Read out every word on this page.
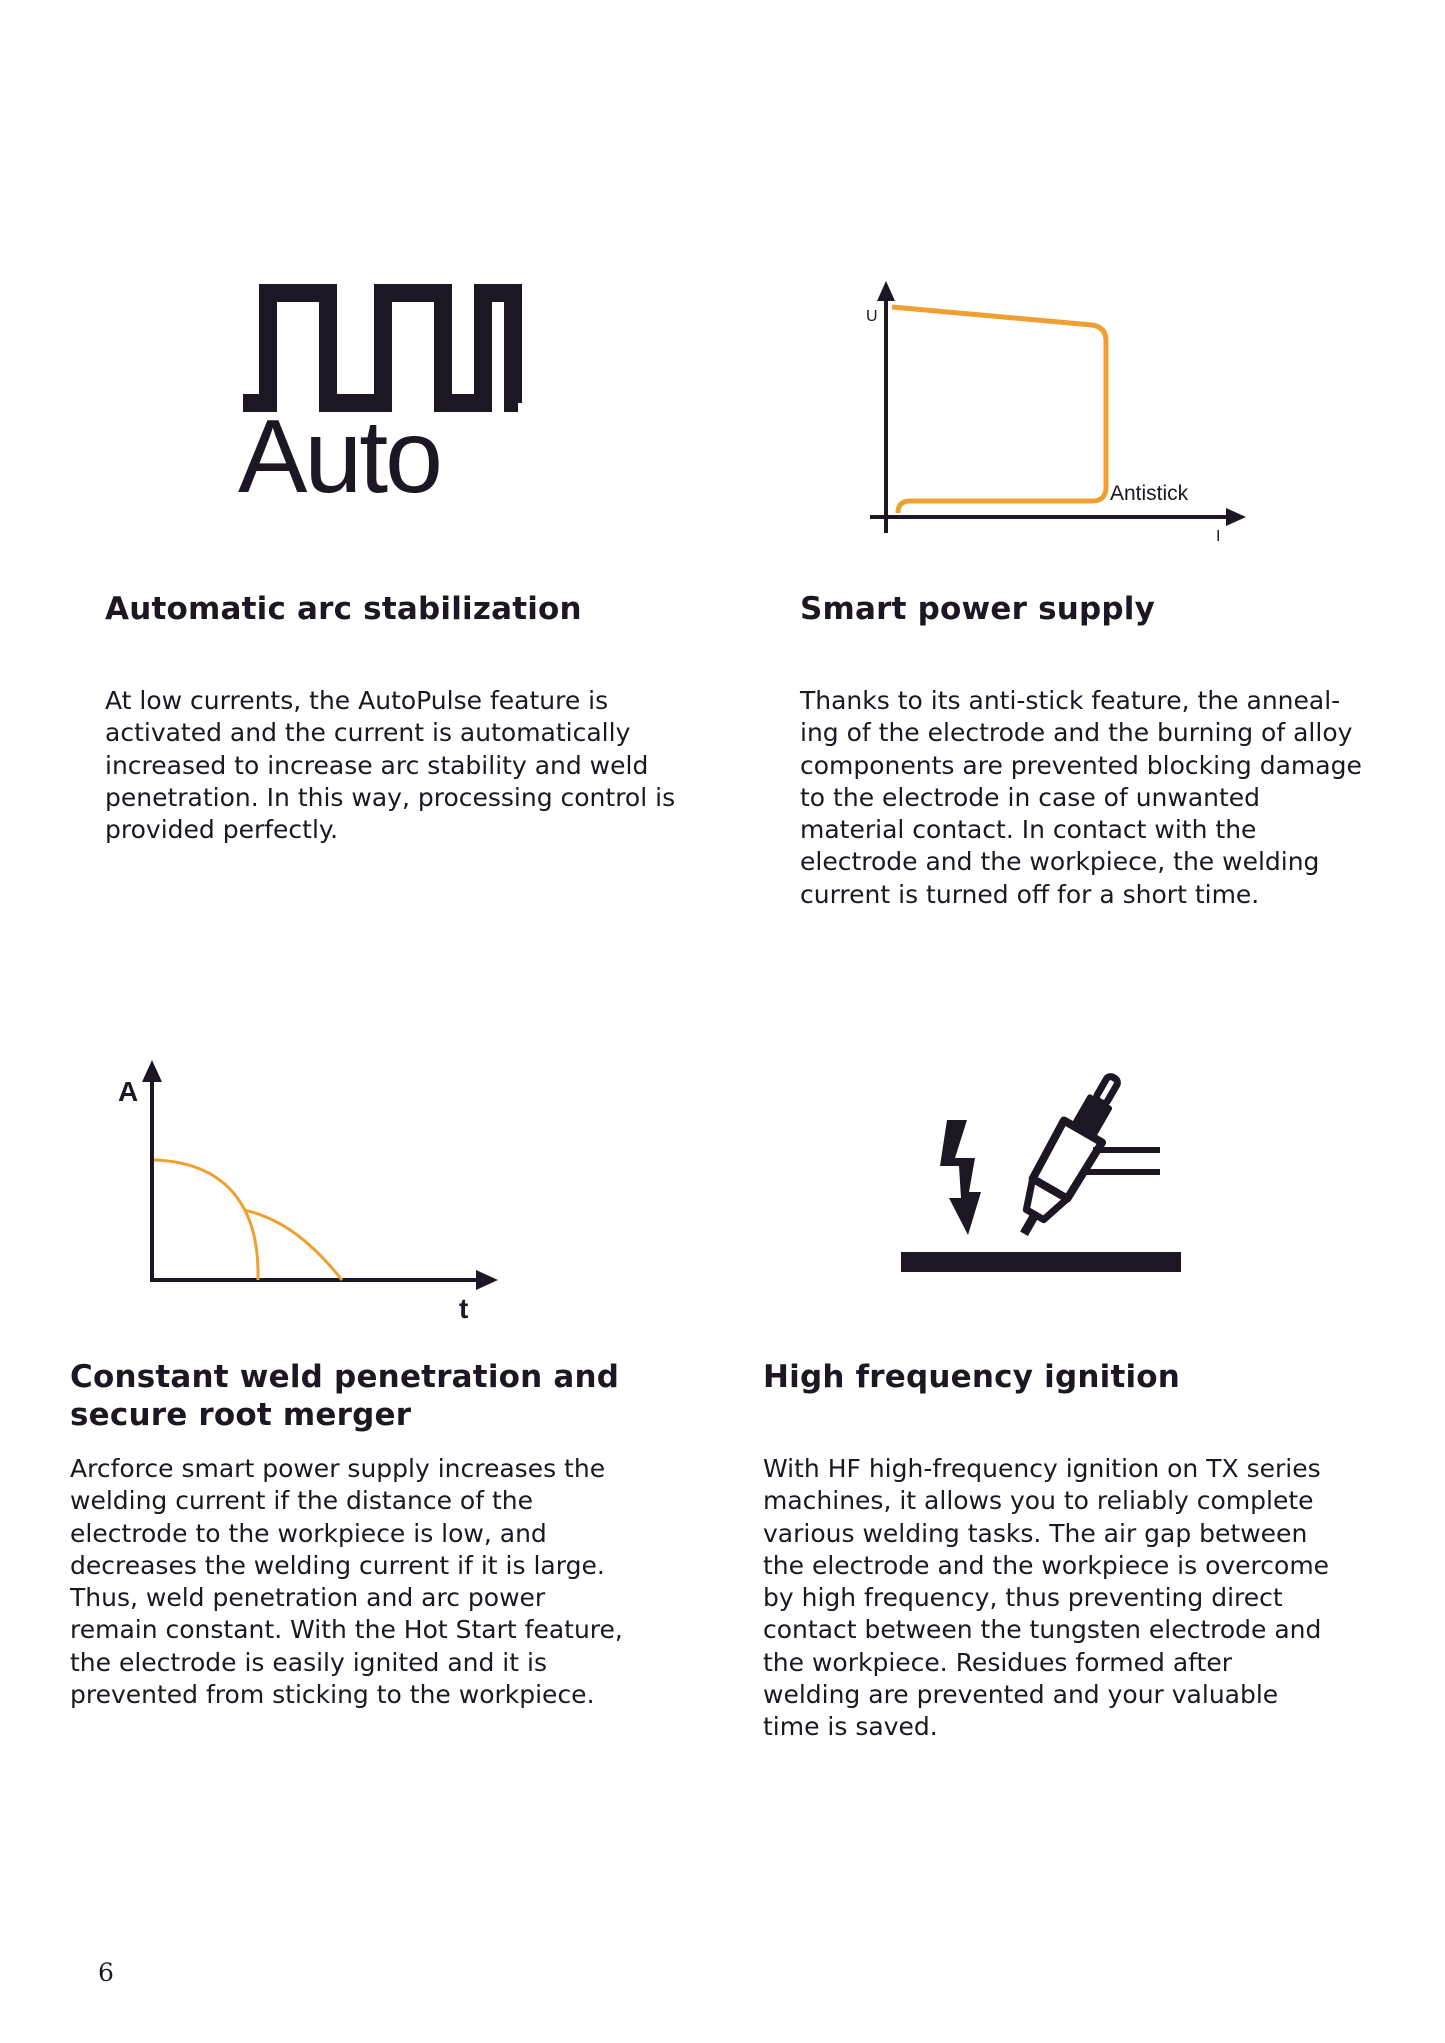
Auto
U
I
Antistick
A
t
Automatic arc stabilization	Smart power supply
Constant weld penetration and
secure root merger
High frequency ignition

At low currents, the AutoPulse feature is
activated and the current is automatically
increased to increase arc stability and weld
penetration. In this way, processing control is
provided perfectly.

Thanks to its anti-stick feature, the anneal-
ing of the electrode and the burning of alloy
components are prevented blocking damage
to the electrode in case of unwanted
material contact. In contact with the
electrode and the workpiece, the welding
current is turned off for a short time.

Arcforce smart power supply increases the
welding current if the distance of the
electrode to the workpiece is low, and
decreases the welding current if it is large.
Thus, weld penetration and arc power
remain constant. With the Hot Start feature,
the electrode is easily ignited and it is
prevented from sticking to the workpiece.

With HF high-frequency ignition on TX series
machines, it allows you to reliably complete
various welding tasks. The air gap between
the electrode and the workpiece is overcome
by high frequency, thus preventing direct
contact between the tungsten electrode and
the workpiece. Residues formed after
welding are prevented and your valuable
time is saved.

6
